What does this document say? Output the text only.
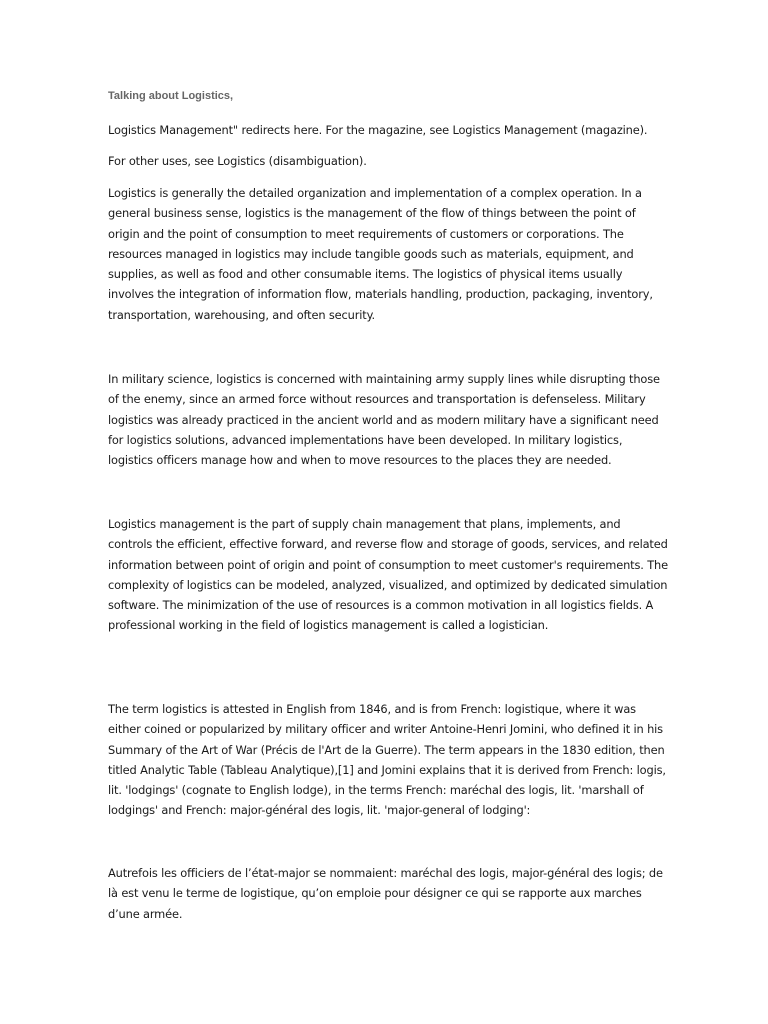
Talking about Logistics,

Logistics Management" redirects here. For the magazine, see Logistics Management (magazine).

For other uses, see Logistics (disambiguation).

Logistics is generally the detailed organization and implementation of a complex operation. In a general business sense, logistics is the management of the flow of things between the point of origin and the point of consumption to meet requirements of customers or corporations. The resources managed in logistics may include tangible goods such as materials, equipment, and supplies, as well as food and other consumable items. The logistics of physical items usually involves the integration of information flow, materials handling, production, packaging, inventory, transportation, warehousing, and often security.

In military science, logistics is concerned with maintaining army supply lines while disrupting those of the enemy, since an armed force without resources and transportation is defenseless. Military logistics was already practiced in the ancient world and as modern military have a significant need for logistics solutions, advanced implementations have been developed. In military logistics, logistics officers manage how and when to move resources to the places they are needed.

Logistics management is the part of supply chain management that plans, implements, and controls the efficient, effective forward, and reverse flow and storage of goods, services, and related information between point of origin and point of consumption to meet customer's requirements. The complexity of logistics can be modeled, analyzed, visualized, and optimized by dedicated simulation software. The minimization of the use of resources is a common motivation in all logistics fields. A professional working in the field of logistics management is called a logistician.

The term logistics is attested in English from 1846, and is from French: logistique, where it was either coined or popularized by military officer and writer Antoine-Henri Jomini, who defined it in his Summary of the Art of War (Précis de l'Art de la Guerre). The term appears in the 1830 edition, then titled Analytic Table (Tableau Analytique),[1] and Jomini explains that it is derived from French: logis, lit. 'lodgings' (cognate to English lodge), in the terms French: maréchal des logis, lit. 'marshall of lodgings' and French: major-général des logis, lit. 'major-general of lodging':

Autrefois les officiers de l’état-major se nommaient: maréchal des logis, major-général des logis; de là est venu le terme de logistique, qu’on emploie pour désigner ce qui se rapporte aux marches d’une armée.
